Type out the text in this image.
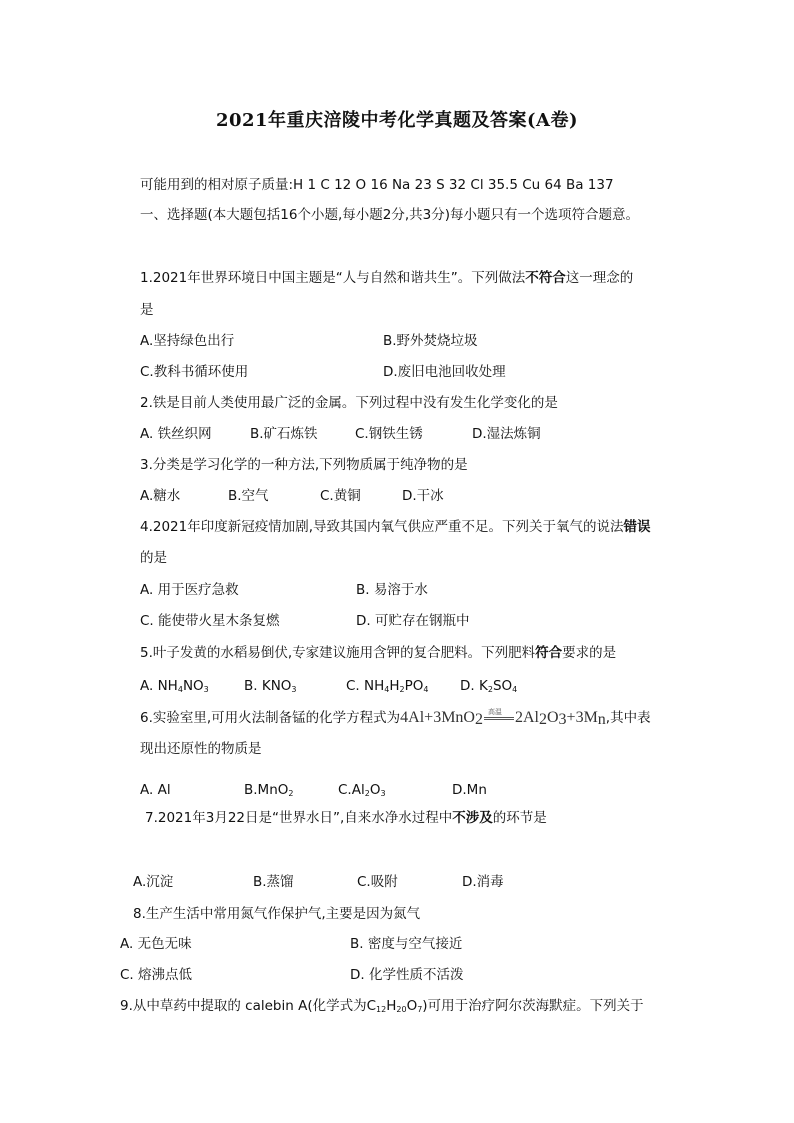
2021年重庆涪陵中考化学真题及答案(A卷)
可能用到的相对原子质量:H 1 C 12 O 16 Na 23 S 32 Cl 35.5 Cu 64 Ba 137
一、选择题(本大题包括16个小题,每小题2分,共3分)每小题只有一个选项符合题意。
1.2021年世界环境日中国主题是“人与自然和谐共生”。下列做法不符合这一理念的
是
A.坚持绿色出行	B.野外焚烧垃圾
C.教科书循环使用	D.废旧电池回收处理
2.铁是目前人类使用最广泛的金属。下列过程中没有发生化学变化的是
A. 铁丝织网	B.矿石炼铁	C.钢铁生锈	D.湿法炼铜
3.分类是学习化学的一种方法,下列物质属于纯净物的是
A.糖水	B.空气	C.黄铜	D.干冰
4.2021年印度新冠疫情加剧,导致其国内氧气供应严重不足。下列关于氧气的说法错误
的是
A. 用于医疗急救	B. 易溶于水
C. 能使带火星木条复燃	D. 可贮存在钢瓶中
5.叶子发黄的水稻易倒伏,专家建议施用含钾的复合肥料。下列肥料符合要求的是
A. $NH_4NO_3$	B. $KNO_3$	C. $NH_4H_2PO_4$ D. $K_2SO_4$
6.实验室里,可用火法制备锰的化学方程式为4Al+3MnO$_2$ 高温 $2Al_2O_3+3M_n$,其中表
现出还原性的物质是
A. Al	B.MnO$_2$	$C.Al_2O_3$	D.Mn
7.2021年3月22日是“世界水日”,自来水净水过程中不涉及的环节是
A.沉淀	B.蒸馏	C.吸附	D.消毒
8.生产生活中常用氮气作保护气,主要是因为氮气
A. 无色无味	B. 密度与空气接近
C. 熔沸点低	D. 化学性质不活泼
9.从中草药中提取的 calebin A(化学式为$C_{12}H_{20}O_7$)可用于治疗阿尔茨海默症。下列关于
